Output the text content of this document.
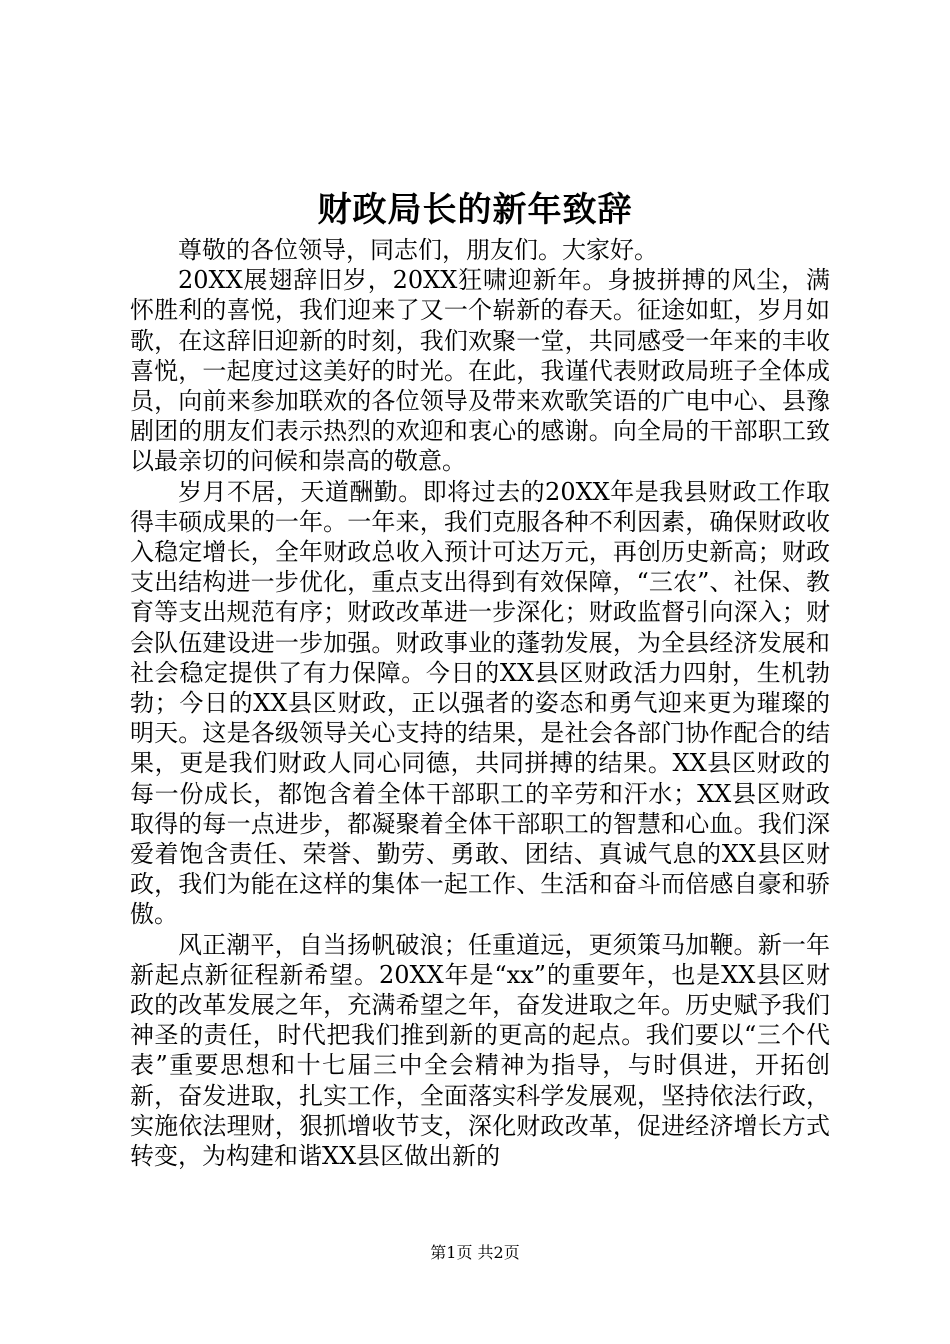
财政局长的新年致辞

尊敬的各位领导，同志们，朋友们。大家好。

20XX展翅辞旧岁，20XX狂啸迎新年。身披拼搏的风尘，满怀胜利的喜悦，我们迎来了又一个崭新的春天。征途如虹，岁月如歌，在这辞旧迎新的时刻，我们欢聚一堂，共同感受一年来的丰收喜悦，一起度过这美好的时光。在此，我谨代表财政局班子全体成员，向前来参加联欢的各位领导及带来欢歌笑语的广电中心、县豫剧团的朋友们表示热烈的欢迎和衷心的感谢。向全局的干部职工致以最亲切的问候和崇高的敬意。

岁月不居，天道酬勤。即将过去的20XX年是我县财政工作取得丰硕成果的一年。一年来，我们克服各种不利因素，确保财政收入稳定增长，全年财政总收入预计可达万元，再创历史新高；财政支出结构进一步优化，重点支出得到有效保障，“三农”、社保、教育等支出规范有序；财政改革进一步深化；财政监督引向深入；财会队伍建设进一步加强。财政事业的蓬勃发展，为全县经济发展和社会稳定提供了有力保障。今日的XX县区财政活力四射，生机勃勃；今日的XX县区财政，正以强者的姿态和勇气迎来更为璀璨的明天。这是各级领导关心支持的结果，是社会各部门协作配合的结果，更是我们财政人同心同德，共同拼搏的结果。XX县区财政的每一份成长，都饱含着全体干部职工的辛劳和汗水；XX县区财政取得的每一点进步，都凝聚着全体干部职工的智慧和心血。我们深爱着饱含责任、荣誉、勤劳、勇敢、团结、真诚气息的XX县区财政，我们为能在这样的集体一起工作、生活和奋斗而倍感自豪和骄傲。

风正潮平，自当扬帆破浪；任重道远，更须策马加鞭。新一年新起点新征程新希望。20XX年是“xx”的重要年，也是XX县区财政的改革发展之年，充满希望之年，奋发进取之年。历史赋予我们神圣的责任，时代把我们推到新的更高的起点。我们要以“三个代表”重要思想和十七届三中全会精神为指导，与时俱进，开拓创新，奋发进取，扎实工作，全面落实科学发展观，坚持依法行政，实施依法理财，狠抓增收节支，深化财政改革，促进经济增长方式转变，为构建和谐XX县区做出新的

第1页 共2页
